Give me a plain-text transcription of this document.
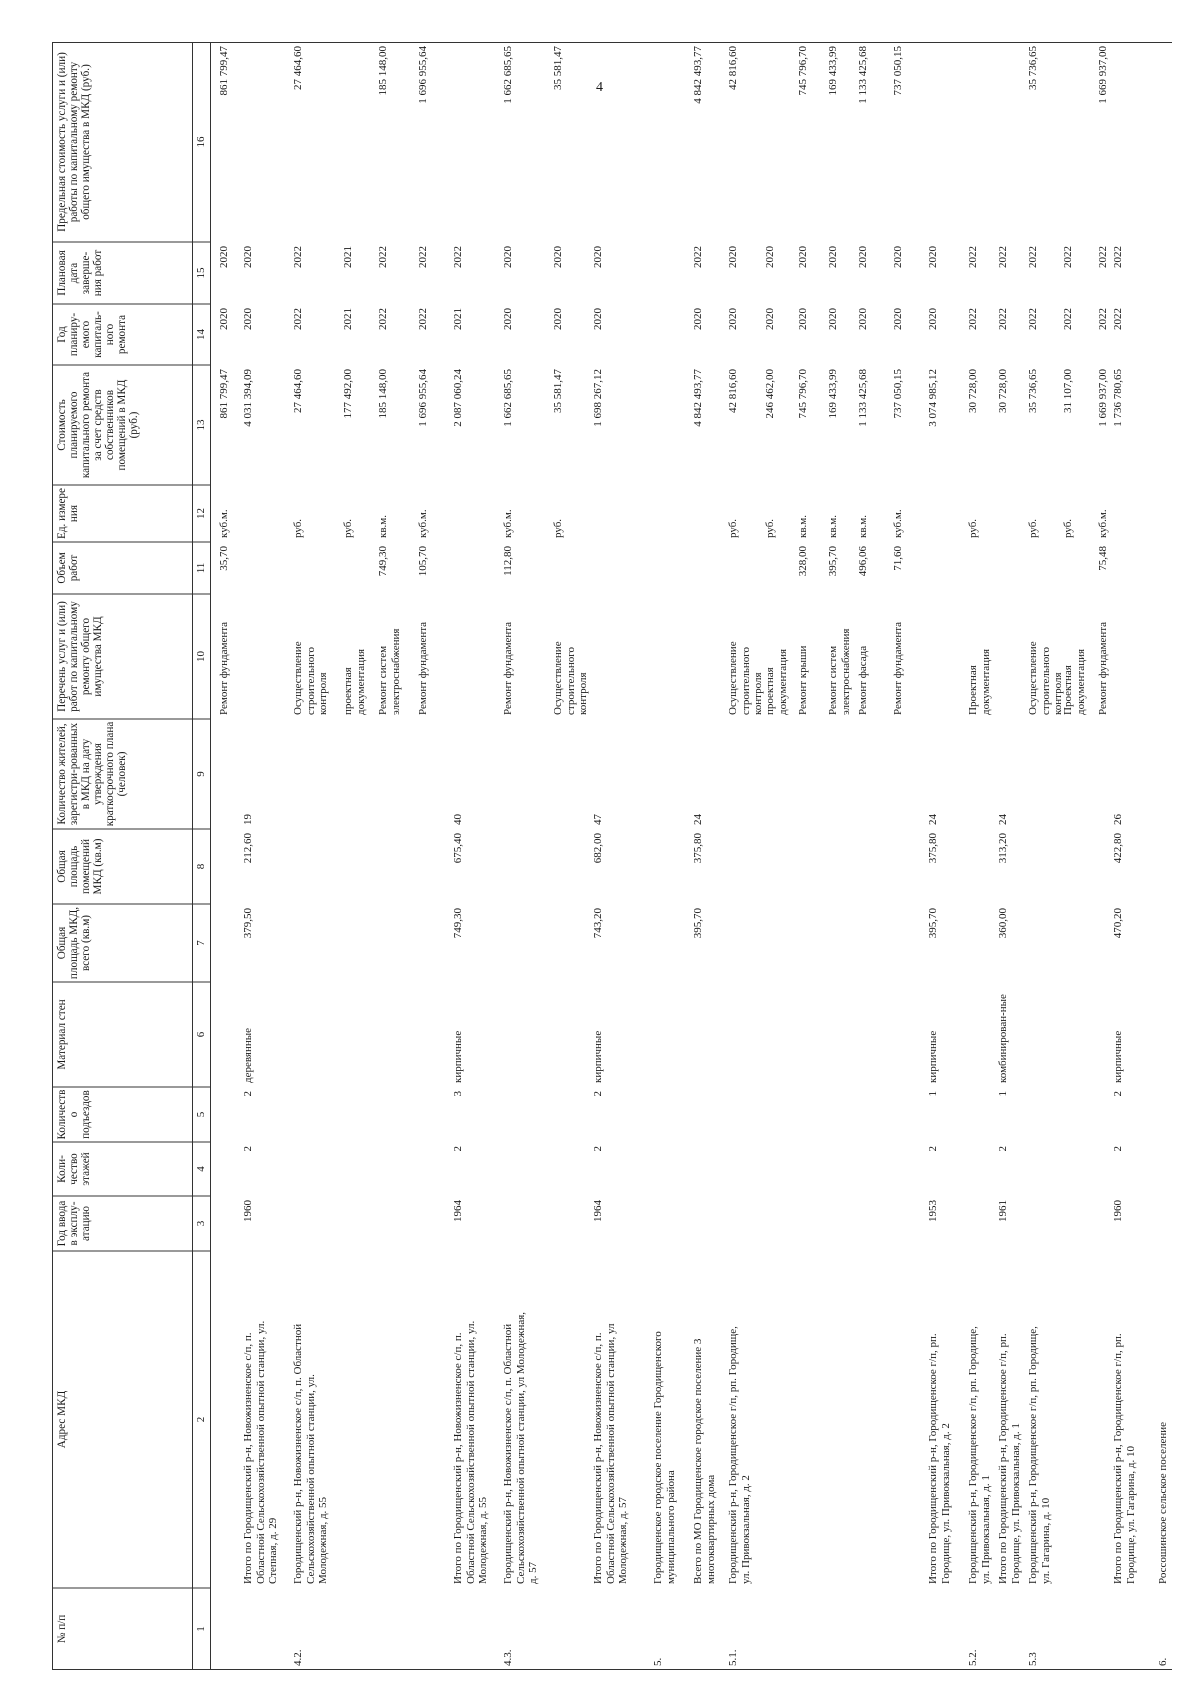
4
№ п/п
Адрес МКД
Год ввода в эксплу-атацию
Коли-чество этажей
Количество подъездов
Материал стен
Общая площадь МКД, всего (кв.м)
Общая площадь помещений МКД (кв.м)
Количество жителей, зарегистри-рованных в МКД на дату утверждения краткосрочного плана (человек)
Перечень услуг и (или) работ по капитальному ремонту общего имущества МКД
Объем работ
Ед. измере ния
Стоимость планируемого капитального ремонта за счет средств собственников помещений в МКД (руб.)
Год планиру-емого капиталь-ного ремонта
Плановая дата заверше-ния работ
Предельная стоимость услуги и (или) работы по капитальному ремонту общего имущества в МКД (руб.)
1
2
3
4
5
6
7
8
9
10
11
12
13
14
15
16
Ремонт фундамента
35,70
куб.м.
861 799,47
2020
2020
861 799,47
Итого по Городищенский р-н, Новожизненское с/п, п.
Областной Сельскохозяйственной опытной станции, ул.
Степная, д. 29
1960
2
2
деревянные
379,50
212,60
19
4 031 394,09
2020
2020
4.2.
Городищенский р-н, Новожизненское с/п, п. Областной
Сельскохозяйственной опытной станции, ул.
Молодежная, д. 55
Осуществление
строительного
контроля
руб.
27 464,60
2022
2022
27 464,60
проектная
документация
руб.
177 492,00
2021
2021
Ремонт систем
электроснабжения
749,30
кв.м.
185 148,00
2022
2022
185 148,00
Ремонт фундамента
105,70
куб.м.
1 696 955,64
2022
2022
1 696 955,64
Итого по Городищенский р-н, Новожизненское с/п, п.
Областной Сельскохозяйственной опытной станции, ул.
Молодежная, д. 55
1964
2
3
кирпичные
749,30
675,40
40
2 087 060,24
2021
2022
4.3.
Городищенский р-н, Новожизненское с/п, п. Областной
Сельскохозяйственной опытной станции, ул Молодежная,
д. 57
Ремонт фундамента
112,80
куб.м.
1 662 685,65
2020
2020
1 662 685,65
Осуществление
строительного
контроля
руб.
35 581,47
2020
2020
35 581,47
Итого по Городищенский р-н, Новожизненское с/п, п.
Областной Сельскохозяйственной опытной станции, ул
Молодежная, д. 57
1964
2
2
кирпичные
743,20
682,00
47
1 698 267,12
2020
2020
5.
Городищенское городское поселение Городищенского
муниципального района
Всего по МО Городищенское городское поселение 3
многоквартирных дома
395,70
375,80
24
4 842 493,77
2020
2022
4 842 493,77
5.1.
Городищенский р-н, Городищенское г/п, рп. Городище,
ул. Привокзальная, д. 2
Осуществление
строительного
контроля
руб.
42 816,60
2020
2020
42 816,60
проектная
документация
руб.
246 462,00
2020
2020
Ремонт крыши
328,00
кв.м.
745 796,70
2020
2020
745 796,70
Ремонт систем
электроснабжения
395,70
кв.м.
169 433,99
2020
2020
169 433,99
Ремонт фасада
496,06
кв.м.
1 133 425,68
2020
2020
1 133 425,68
Ремонт фундамента
71,60
куб.м.
737 050,15
2020
2020
737 050,15
Итого по Городищенский р-н, Городищенское г/п, рп.
Городище, ул. Привокзальная, д. 2
1953
2
1
кирпичные
395,70
375,80
24
3 074 985,12
2020
2020
5.2.
Городищенский р-н, Городищенское г/п, рп. Городище,
ул. Привокзальная, д. 1
Проектная
документация
руб.
30 728,00
2022
2022
Итого по Городищенский р-н, Городищенское г/п, рп.
Городище, ул. Привокзальная, д. 1
1961
2
1
комбинирован-ные
360,00
313,20
24
30 728,00
2022
2022
5.3
Городищенский р-н, Городищенское г/п, рп. Городище,
ул. Гагарина, д. 10
Осуществление
строительного
контроля
руб.
35 736,65
2022
2022
35 736,65
Проектная
документация
руб.
31 107,00
2022
2022
Ремонт фундамента
75,48
куб.м.
1 669 937,00
2022
2022
1 669 937,00
Итого по Городищенский р-н, Городищенское г/п, рп.
Городище, ул. Гагарина, д. 10
1960
2
2
кирпичные
470,20
422,80
26
1 736 780,65
2022
2022
6.
Россошинское сельское поселение
